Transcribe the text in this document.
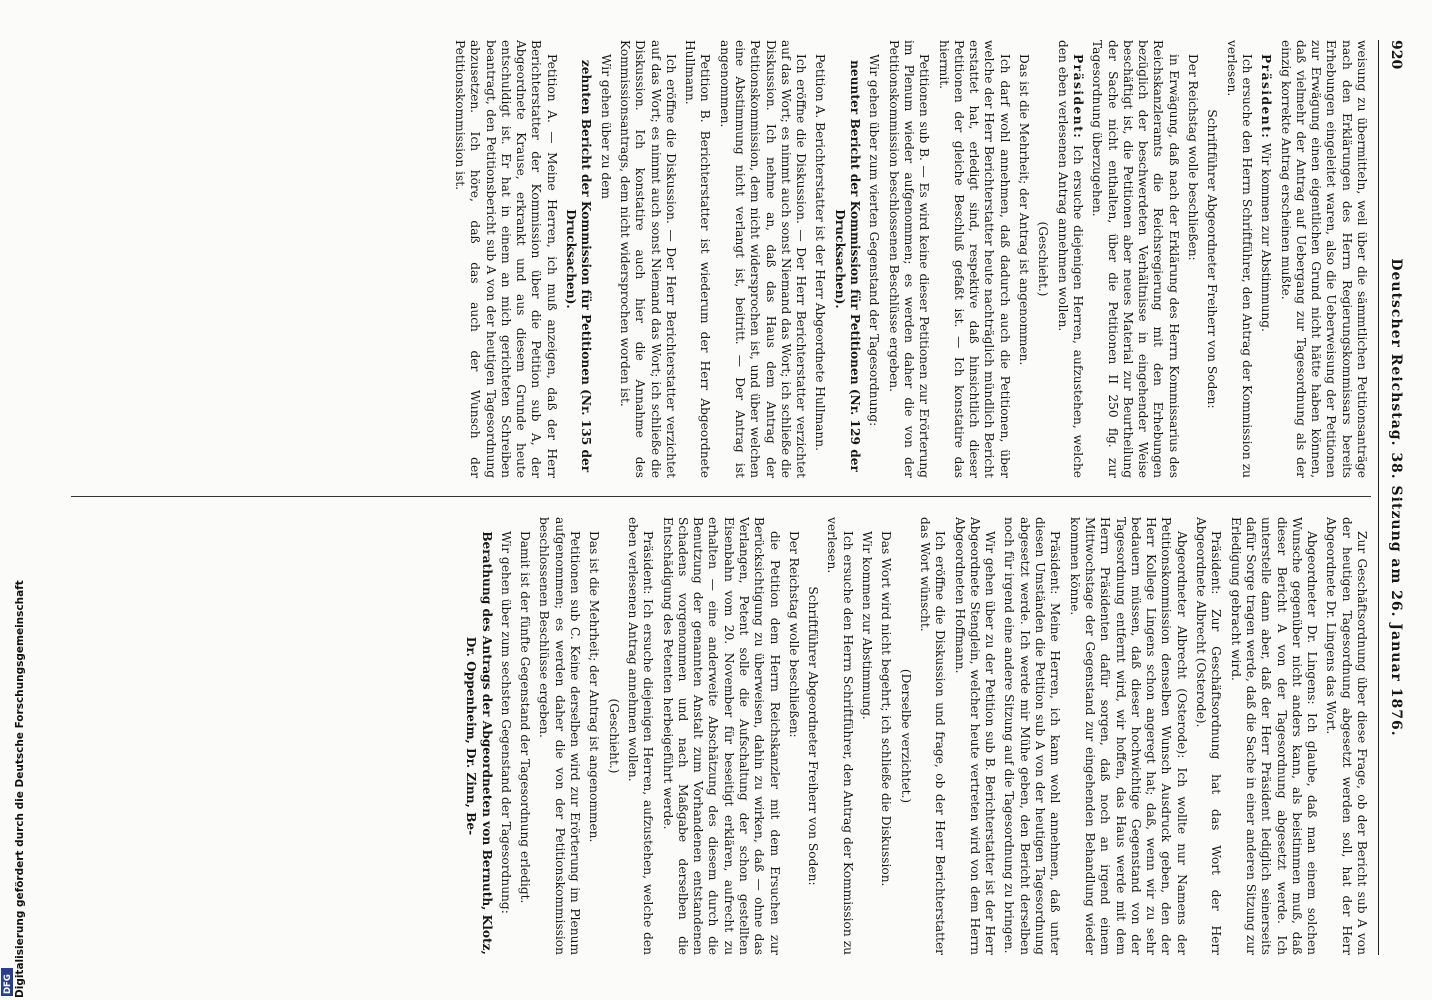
920
Deutscher Reichstag. 38. Sitzung am 26. Januar 1876.

weisung zu übermitteln, weil über die sämmtlichen Petitionsanträge nach den Erklärungen des Herrn Regierungskommissars bereits Erhebungen eingeleitet waren, also die Ueberweisung der Petitionen zur Erwägung einen eigentlichen Grund nicht hätte haben können, daß vielmehr der Antrag auf Uebergang zur Tagesordnung als der einzig korrekte Antrag erscheinen mußte.

Präsident: Wir kommen zur Abstimmung.

Ich ersuche den Herrn Schriftführer, den Antrag der Kommission zu verlesen.

Schriftführer Abgeordneter Freiherr von Soden:

Der Reichstag wolle beschließen:

in Erwägung, daß nach der Erklärung des Herrn Kommissarius des Reichskanzleramts die Reichsregierung mit den Erhebungen bezüglich der beschwerdeten Verhältnisse in eingehender Weise beschäftigt ist, die Petitionen aber neues Material zur Beurtheilung der Sache nicht enthalten, über die Petitionen II 250 flg. zur Tagesordnung überzugehen.

Präsident: Ich ersuche diejenigen Herren, aufzustehen, welche den eben verlesenen Antrag annehmen wollen.

(Geschieht.)

Das ist die Mehrheit; der Antrag ist angenommen.

Ich darf wohl annehmen, daß dadurch auch die Petitionen, über welche der Herr Berichterstatter heute nachträglich mündlich Bericht erstattet hat, erledigt sind, respektive daß hinsichtlich dieser Petitionen der gleiche Beschluß gefaßt ist. — Ich konstatire das hiermit.

Petitionen sub B. — Es wird keine dieser Petitionen zur Erörterung im Plenum wieder aufgenommen; es werden daher die von der Petitionskommission beschlossenen Beschlüsse ergeben.

Wir gehen über zum vierten Gegenstand der Tagesordnung:

neunter Bericht der Kommission für Petitionen (Nr. 129 der Drucksachen).

Petition A. Berichterstatter ist der Herr Abgeordnete Hullmann.

Ich eröffne die Diskussion. — Der Herr Berichterstatter verzichtet auf das Wort; es nimmt auch sonst Niemand das Wort; ich schließe die Diskussion. Ich nehme an, daß das Haus dem Antrag der Petitionskommission, dem nicht widersprochen ist, und über welchen eine Abstimmung nicht verlangt ist, beitritt. — Der Antrag ist angenommen.

Petition B. Berichterstatter ist wiederum der Herr Abgeordnete Hullmann.

Ich eröffne die Diskussion. — Der Herr Berichterstatter verzichtet auf das Wort; es nimmt auch sonst Niemand das Wort; ich schließe die Diskussion. Ich konstatire auch hier die Annahme des Kommissionsantrags, dem nicht widersprochen worden ist.

Wir gehen über zu dem

zehnten Bericht der Kommission für Petitionen (Nr. 135 der Drucksachen).

Petition A. — Meine Herren, ich muß anzeigen, daß der Herr Berichterstatter der Kommission über die Petition sub A, der Abgeordnete Krause, erkrankt und aus diesem Grunde heute entschuldigt ist. Er hat in einem an mich gerichteten Schreiben beantragt, den Petitionsbericht sub A von der heutigen Tagesordnung abzusetzen. Ich höre, daß das auch der Wunsch der Petitionskommission ist.

Zur Geschäftsordnung über diese Frage, ob der Bericht sub A von der heutigen Tagesordnung abgesetzt werden soll, hat der Herr Abgeordnete Dr. Lingens das Wort.

Abgeordneter Dr. Lingens: Ich glaube, daß man einem solchen Wunsche gegenüber nicht anders kann, als beistimmen muß, daß dieser Bericht A von der Tagesordnung abgesetzt werde. Ich unterstelle dann aber, daß der Herr Präsident lediglich seinerseits dafür Sorge tragen werde, daß die Sache in einer anderen Sitzung zur Erledigung gebracht wird.

Präsident: Zur Geschäftsordnung hat das Wort der Herr Abgeordnete Albrecht (Osterode).

Abgeordneter Albrecht (Osterode): Ich wollte nur Namens der Petitionskommission denselben Wunsch Ausdruck geben, den der Herr Kollege Lingens schon angeregt hat; daß, wenn wir zu sehr bedauern müssen, daß dieser hochwichtige Gegenstand von der Tagesordnung entfernt wird, wir hoffen, das Haus werde mit dem Herrn Präsidenten dafür sorgen, daß noch an irgend einem Mittwochstage der Gegenstand zur eingehenden Behandlung wieder kommen könne.

Präsident: Meine Herren, ich kann wohl annehmen, daß unter diesen Umständen die Petition sub A von der heutigen Tagesordnung abgesetzt werde. Ich werde mir Mühe geben, den Bericht derselben noch für irgend eine andere Sitzung auf die Tagesordnung zu bringen.

Wir gehen über zu der Petition sub B. Berichterstatter ist der Herr Abgeordnete Stenglein, welcher heute vertreten wird von dem Herrn Abgeordneten Hoffmann.

Ich eröffne die Diskussion und frage, ob der Herr Berichterstatter das Wort wünscht.

(Derselbe verzichtet.)

Das Wort wird nicht begehrt; ich schließe die Diskussion.

Wir kommen zur Abstimmung.

Ich ersuche den Herrn Schriftführer, den Antrag der Kommission zu verlesen.

Schriftführer Abgeordneter Freiherr von Soden:

Der Reichstag wolle beschließen:

die Petition dem Herrn Reichskanzler mit dem Ersuchen zur Berücksichtigung zu überweisen, dahin zu wirken, daß — ohne das Verlangen, Petent solle die Aufschaltung der schon gestellten Eisenbahn vom 20. November für beseitigt erklären, aufrecht zu erhalten — eine anderweite Abschätzung des diesem durch die Benutzung der genannten Anstalt zum Vorhandenen entstandenen Schadens vorgenommen und nach Maßgabe derselben die Entschädigung des Petenten herbeigeführt werde.

Präsident: Ich ersuche diejenigen Herren, aufzustehen, welche den eben verlesenen Antrag annehmen wollen.

(Geschieht.)

Das ist die Mehrheit; der Antrag ist angenommen.

Petitionen sub C. Keine derselben wird zur Erörterung im Plenum aufgenommen; es werden daher die von der Petitionskommission beschlossenen Beschlüsse ergeben.

Damit ist der fünfte Gegenstand der Tagesordnung erledigt.

Wir gehen über zum sechsten Gegenstand der Tagesordnung:

Berathung des Antrags der Abgeordneten von Bernuth, Klotz, Dr. Oppenheim, Dr. Zinn, Be-

Digitalisierung gefördert durch die Deutsche Forschungsgemeinschaft
DFG
